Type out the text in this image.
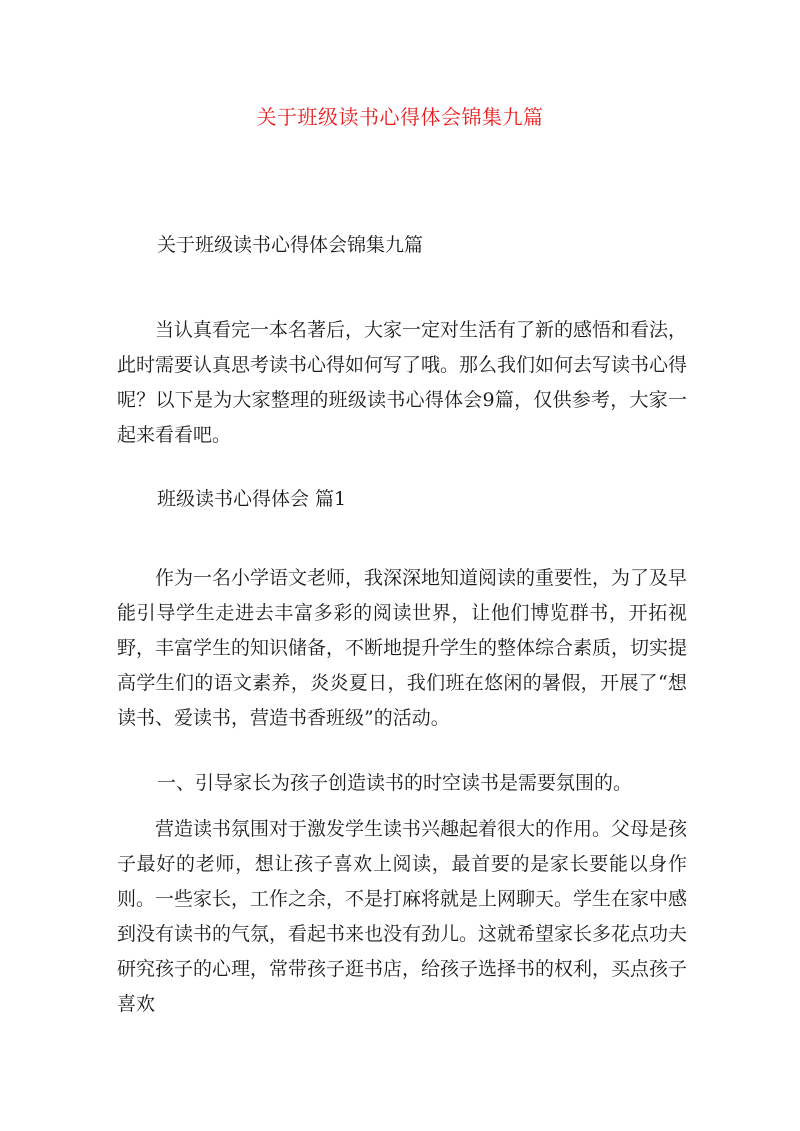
关于班级读书心得体会锦集九篇
关于班级读书心得体会锦集九篇

当认真看完一本名著后，大家一定对生活有了新的感悟和看法，此时需要认真思考读书心得如何写了哦。那么我们如何去写读书心得呢？以下是为大家整理的班级读书心得体会9篇，仅供参考，大家一起来看看吧。

班级读书心得体会 篇1

作为一名小学语文老师，我深深地知道阅读的重要性，为了及早能引导学生走进去丰富多彩的阅读世界，让他们博览群书，开拓视野，丰富学生的知识储备，不断地提升学生的整体综合素质，切实提高学生们的语文素养，炎炎夏日，我们班在悠闲的暑假，开展了“想读书、爱读书，营造书香班级”的活动。

一、引导家长为孩子创造读书的时空读书是需要氛围的。

营造读书氛围对于激发学生读书兴趣起着很大的作用。父母是孩子最好的老师，想让孩子喜欢上阅读，最首要的是家长要能以身作则。一些家长，工作之余，不是打麻将就是上网聊天。学生在家中感到没有读书的气氛，看起书来也没有劲儿。这就希望家长多花点功夫研究孩子的心理，常带孩子逛书店，给孩子选择书的权利，买点孩子喜欢
